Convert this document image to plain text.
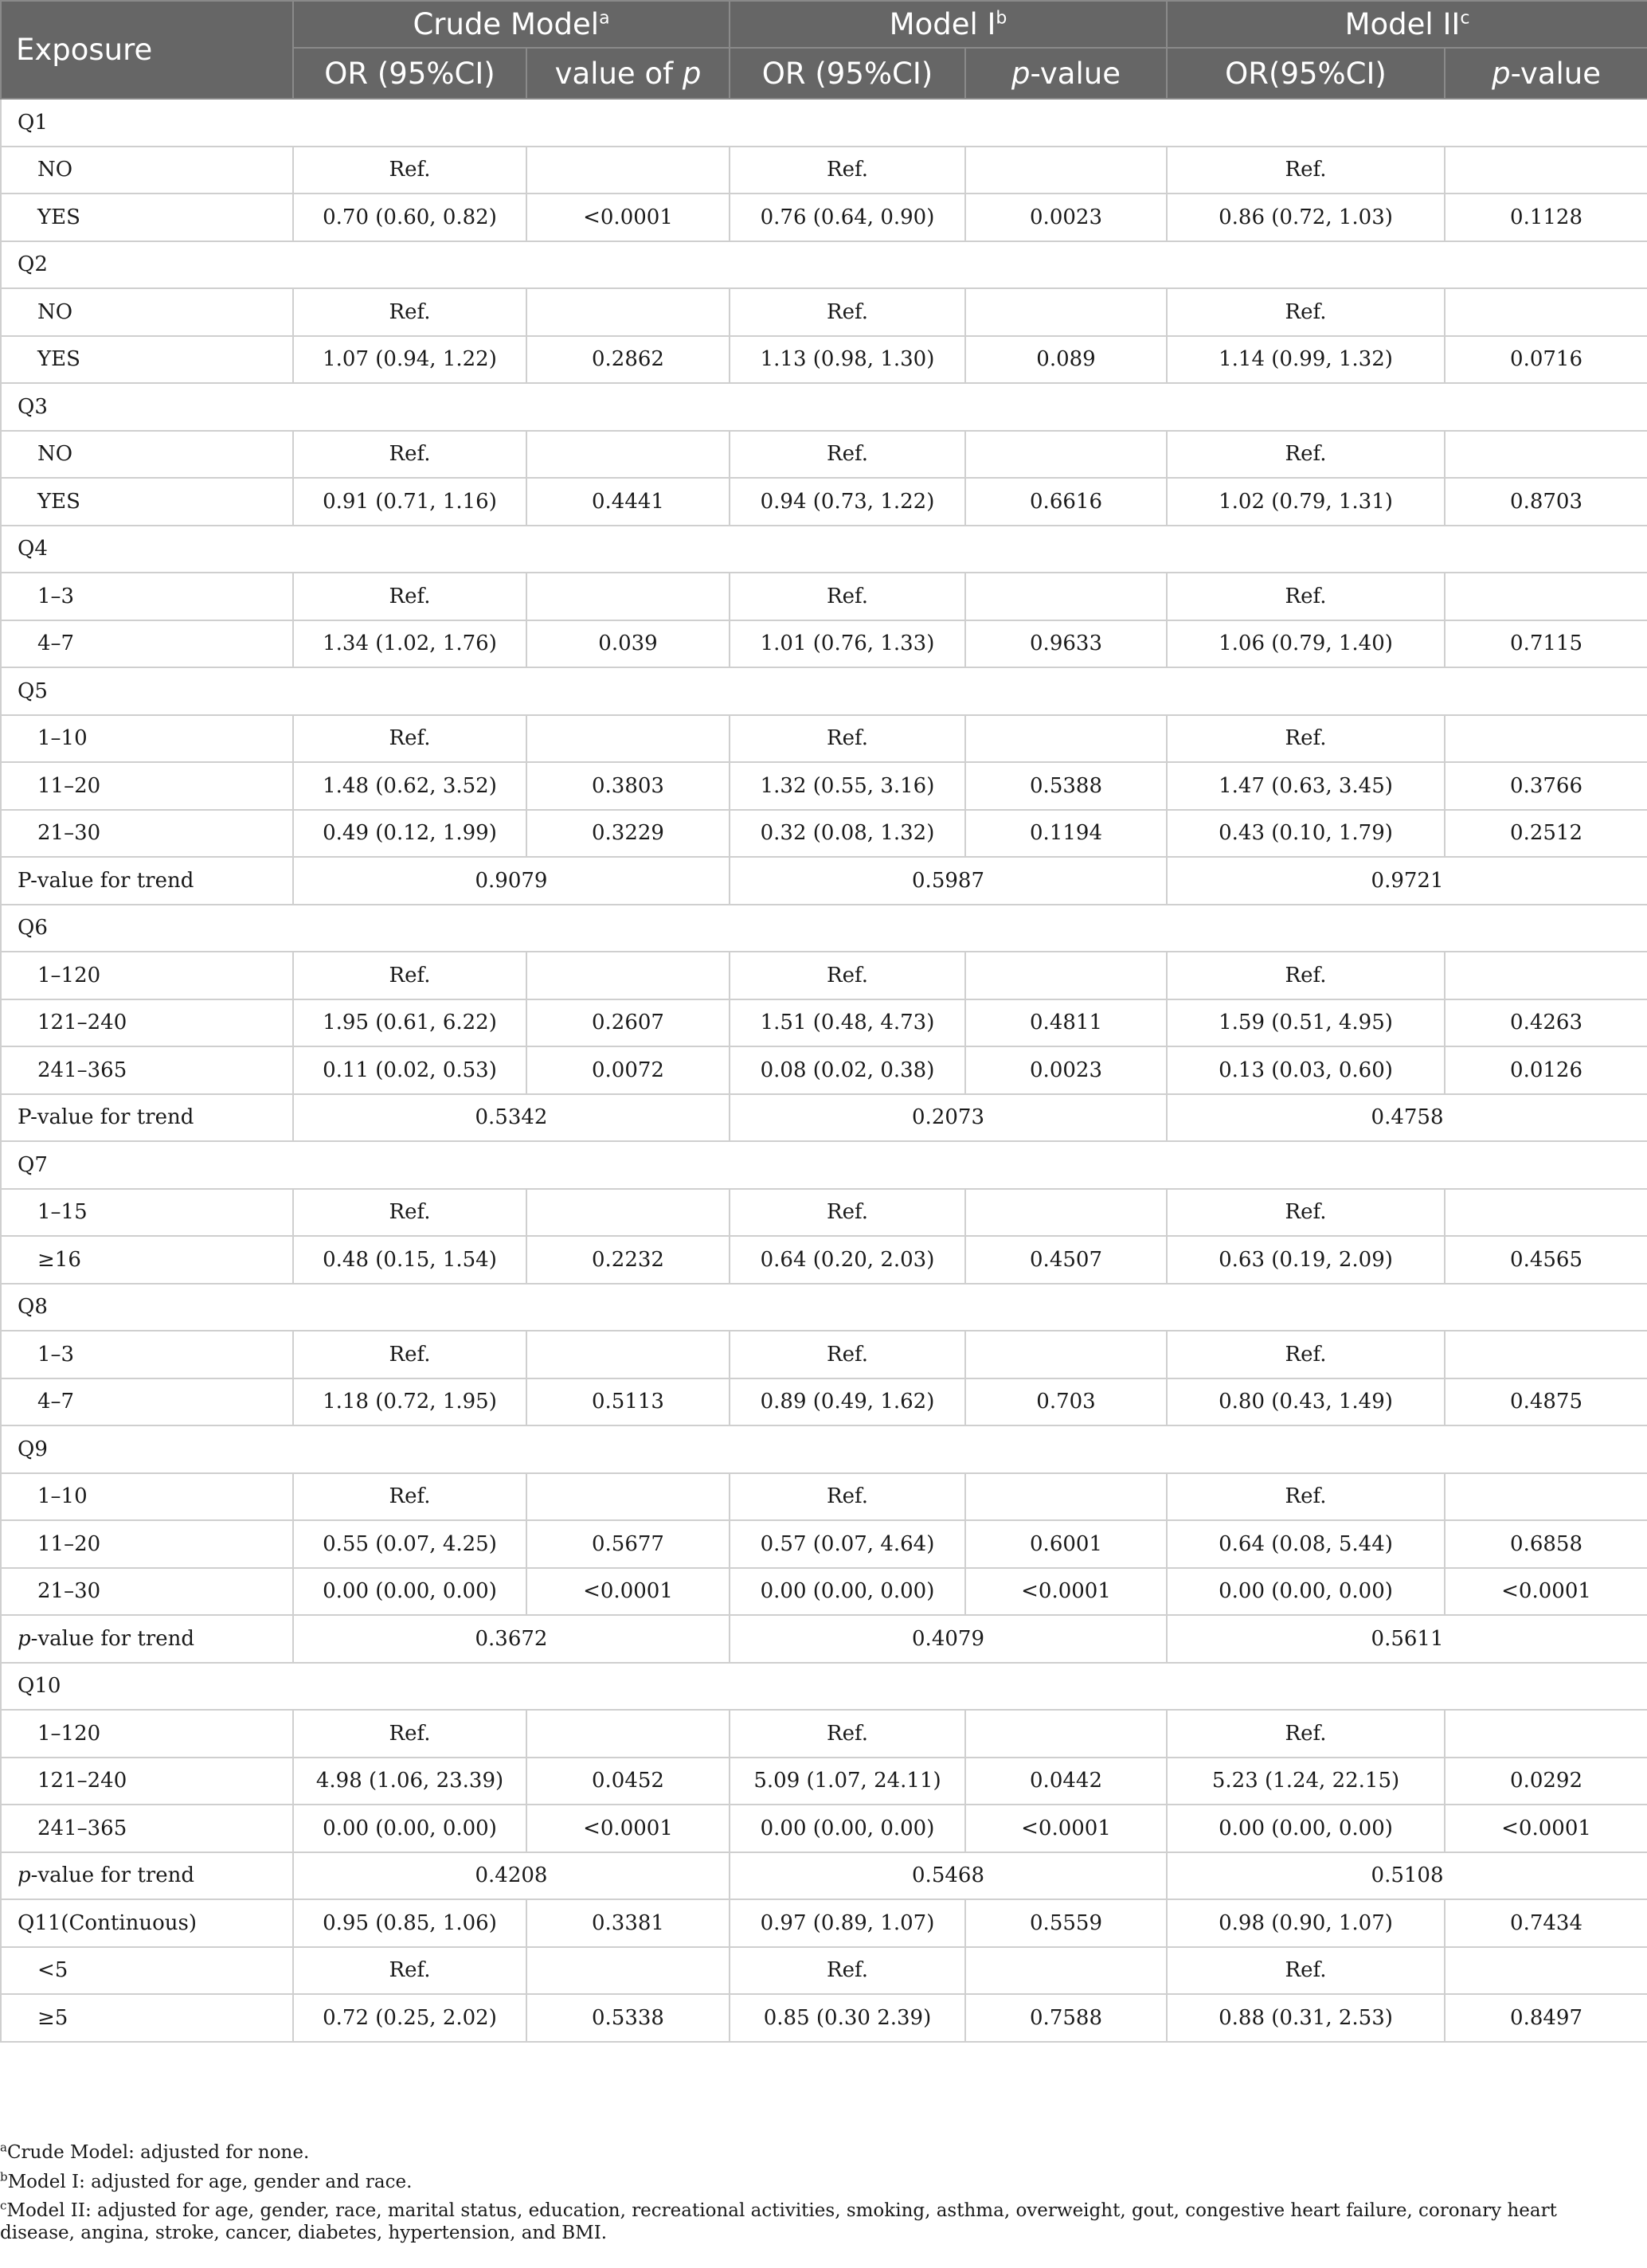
Exposure	Crude Model$^a$		Model $I^b$		Model $II^c$
	OR (95%CI)	value of p	OR (95%CI)	p-value	OR(95%CI)	p-value
Q1						
NO	Ref.		Ref.		Ref.	
YES	0.70 (0.60, 0.82)	<0.0001	0.76 (0.64, 0.90)	0.0023	0.86 (0.72, 1.03)	0.1128
Q2						
NO	Ref.		Ref.		Ref.	
YES	1.07 (0.94, 1.22)	0.2862	1.13 (0.98, 1.30)	0.089	1.14 (0.99, 1.32)	0.0716
Q3						
NO	Ref.		Ref.		Ref.	
YES	0.91 (0.71, 1.16)	0.4441	0.94 (0.73, 1.22)	0.6616	1.02 (0.79, 1.31)	0.8703
Q4						
1–3	Ref.		Ref.		Ref.	
4–7	1.34 (1.02, 1.76)	0.039	1.01 (0.76, 1.33)	0.9633	1.06 (0.79, 1.40)	0.7115
Q5						
1–10	Ref.		Ref.		Ref.	
11–20	1.48 (0.62, 3.52)	0.3803	1.32 (0.55, 3.16)	0.5388	1.47 (0.63, 3.45)	0.3766
21–30	0.49 (0.12, 1.99)	0.3229	0.32 (0.08, 1.32)	0.1194	0.43 (0.10, 1.79)	0.2512
P-value for trend	0.9079		0.5987		0.9721	
Q6						
1–120	Ref.		Ref.		Ref.	
121–240	1.95 (0.61, 6.22)	0.2607	1.51 (0.48, 4.73)	0.4811	1.59 (0.51, 4.95)	0.4263
241–365	0.11 (0.02, 0.53)	0.0072	0.08 (0.02, 0.38)	0.0023	0.13 (0.03, 0.60)	0.0126
P-value for trend	0.5342		0.2073		0.4758	
Q7						
1–15	Ref.		Ref.		Ref.	
≥16	0.48 (0.15, 1.54)	0.2232	0.64 (0.20, 2.03)	0.4507	0.63 (0.19, 2.09)	0.4565
Q8						
1–3	Ref.		Ref.		Ref.	
4–7	1.18 (0.72, 1.95)	0.5113	0.89 (0.49, 1.62)	0.703	0.80 (0.43, 1.49)	0.4875
Q9						
1–10	Ref.		Ref.		Ref.	
11–20	0.55 (0.07, 4.25)	0.5677	0.57 (0.07, 4.64)	0.6001	0.64 (0.08, 5.44)	0.6858
21–30	0.00 (0.00, 0.00)	<0.0001	0.00 (0.00, 0.00)	<0.0001	0.00 (0.00, 0.00)	<0.0001
p-value for trend	0.3672		0.4079		0.5611	
Q10						
1–120	Ref.		Ref.		Ref.	
121–240	4.98 (1.06, 23.39)	0.0452	5.09 (1.07, 24.11)	0.0442	5.23 (1.24, 22.15)	0.0292
241–365	0.00 (0.00, 0.00)	<0.0001	0.00 (0.00, 0.00)	<0.0001	0.00 (0.00, 0.00)	<0.0001
p-value for trend	0.4208		0.5468		0.5108	
Q11(Continuous)	0.95 (0.85, 1.06)	0.3381	0.97 (0.89, 1.07)	0.5559	0.98 (0.90, 1.07)	0.7434
<5	Ref.		Ref.		Ref.	
≥5	0.72 (0.25, 2.02)	0.5338	0.85 (0.30 2.39)	0.7588	0.88 (0.31, 2.53)	0.8497

$^a$Crude Model: adjusted for none.

$^b$Model I: adjusted for age, gender and race.

$^c$Model II: adjusted for age, gender, race, marital status, education, recreational activities, smoking, asthma, overweight, gout, congestive heart failure, coronary heart disease, angina, stroke, cancer, diabetes, hypertension, and BMI.
